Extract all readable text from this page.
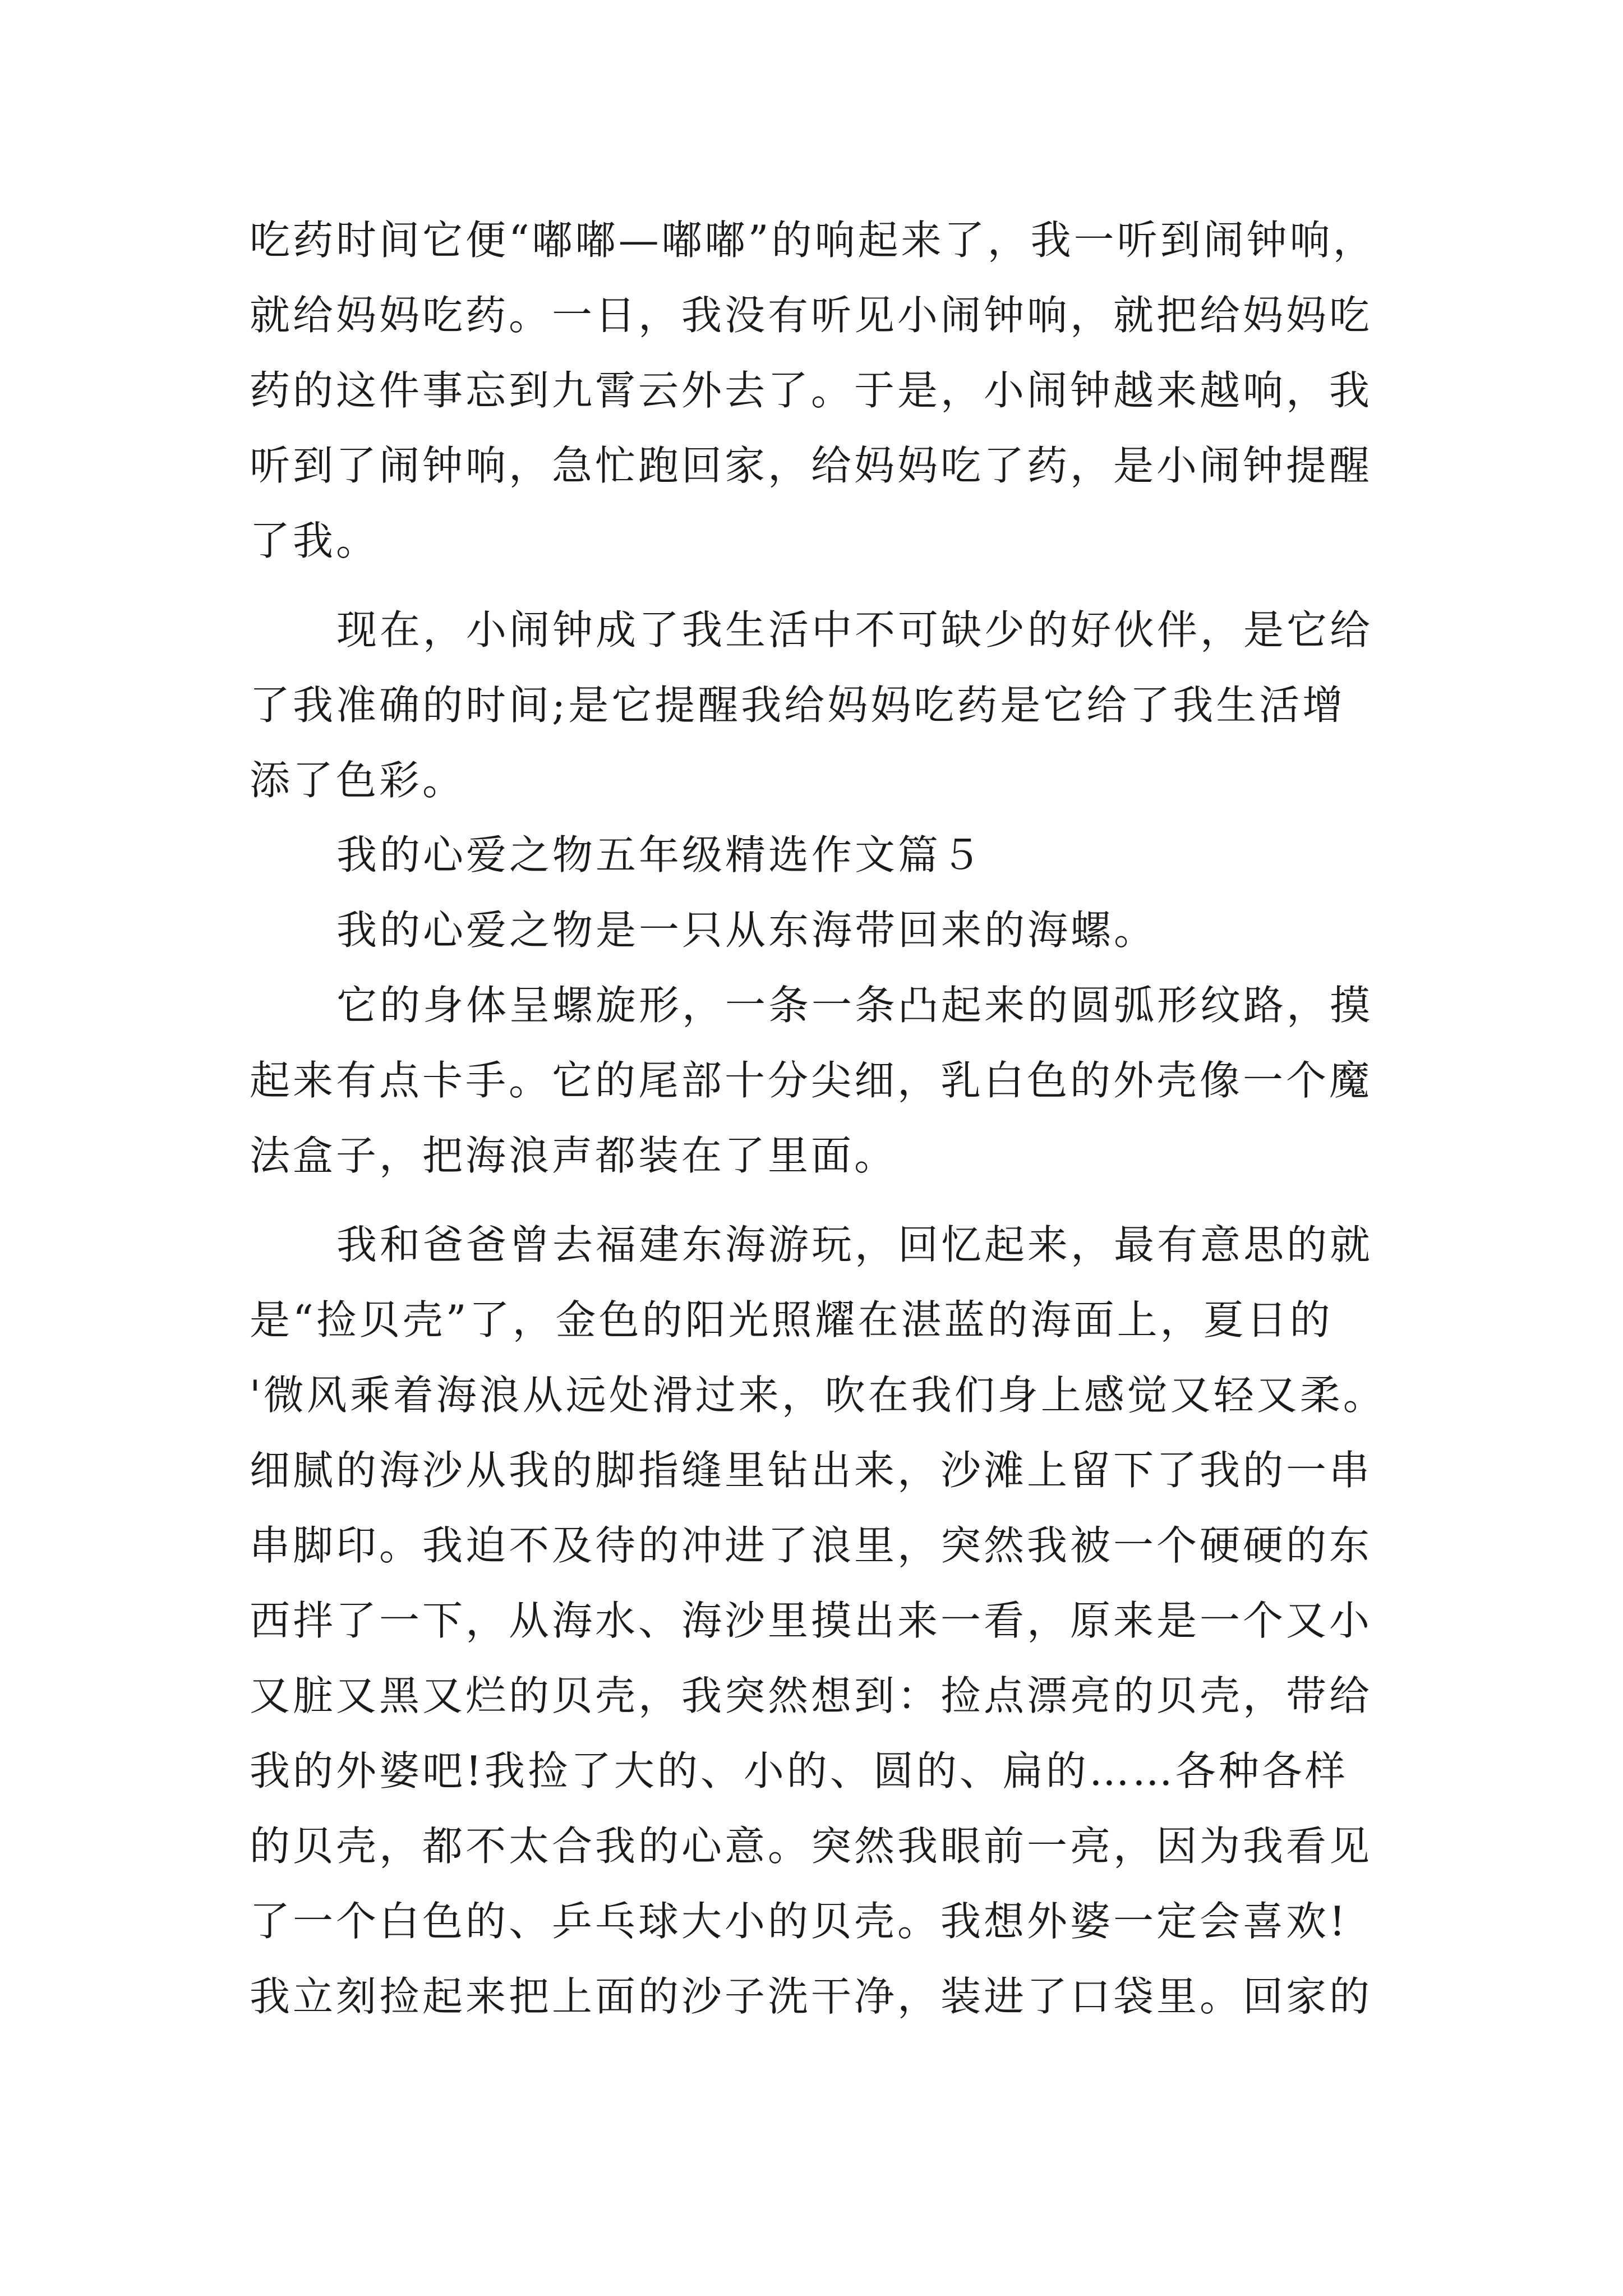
吃药时间它便“嘟嘟—嘟嘟”的响起来了，我一听到闹钟响，
就给妈妈吃药。一日，我没有听见小闹钟响，就把给妈妈吃
药的这件事忘到九霄云外去了。于是，小闹钟越来越响，我
听到了闹钟响，急忙跑回家，给妈妈吃了药，是小闹钟提醒
了我。
现在，小闹钟成了我生活中不可缺少的好伙伴，是它给
了我准确的时间;是它提醒我给妈妈吃药是它给了我生活增
添了色彩。
我的心爱之物五年级精选作文篇５
我的心爱之物是一只从东海带回来的海螺。
它的身体呈螺旋形，一条一条凸起来的圆弧形纹路，摸
起来有点卡手。它的尾部十分尖细，乳白色的外壳像一个魔
法盒子，把海浪声都装在了里面。
我和爸爸曾去福建东海游玩，回忆起来，最有意思的就
是“捡贝壳”了，金色的阳光照耀在湛蓝的海面上，夏日的
'微风乘着海浪从远处滑过来，吹在我们身上感觉又轻又柔。
细腻的海沙从我的脚指缝里钻出来，沙滩上留下了我的一串
串脚印。我迫不及待的冲进了浪里，突然我被一个硬硬的东
西拌了一下，从海水、海沙里摸出来一看，原来是一个又小
又脏又黑又烂的贝壳，我突然想到：捡点漂亮的贝壳，带给
我的外婆吧!我捡了大的、小的、圆的、扁的……各种各样
的贝壳，都不太合我的心意。突然我眼前一亮，因为我看见
了一个白色的、乒乓球大小的贝壳。我想外婆一定会喜欢!
我立刻捡起来把上面的沙子洗干净，装进了口袋里。回家的
